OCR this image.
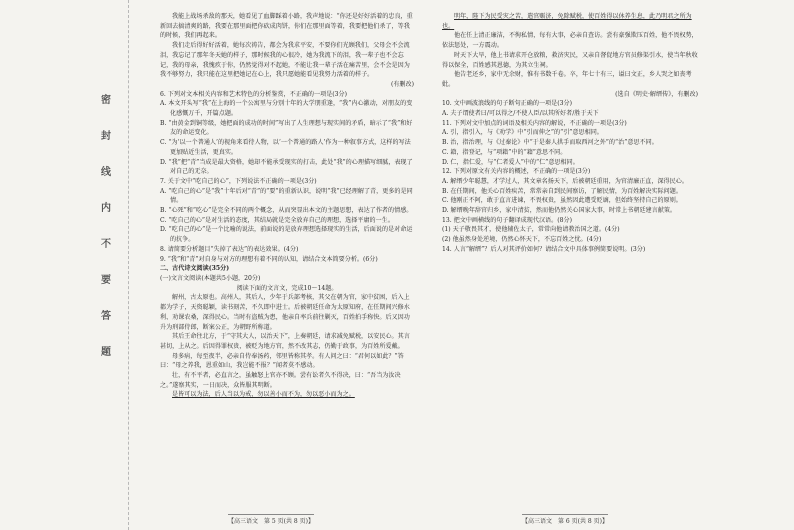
密
封
线
内
不
要
答
题

我能上战场杀敌的那天，她看见了血脚踩着小路，我声地说：“你还是好好活着的忠良，重新回去搞清爽的路，我要在那里面把你砍成肉饼，你们在那里面等着，我要把他们杀了，等我的时候，我们再起来。

我们走后得好好活着，她每次祷告，都会为我求平安，不要你们光顾我们，父母会不会流泪，我忘记了那年冬天她的样子，那时候我的心很冷，她为我流下的泪，我一辈子也不会忘记，我的母亲，我愧疚于你，仍然觉得对不起她，不能让我一辈子活在痛苦里，会不会是因为我不够努力，我只能在这里把她记在心上，我只愿她能看见我努力活着的样子。

(有删改)

6. 下列对文本相关内容和艺术特色的分析鉴赏，不正确的一项是(3分)

A. 本文开头写“我”在上海的一个公寓里与分别十年的大学朋重逢，“我”内心激动，对朋友的变化感慨万千，开篇点题。

B. “由黄金到铜等级，她把面的成功的时间”写出了人生理想与现实间的矛盾，暗示了“我”和好友的命运变化。

C. “为‘以一个普通人’的视角来看待人物，以‘一个普通的路人’作为一种叙事方式，这样的写法更加贴近生活，更真实。

D. “我”把“青”当成是最大资格，她却不能承受现实的打击，此处“我”的心理描写细腻，表现了对自己的无奈。

7. 关于文中“吃自己的心”，下列说法不正确的一项是(3分)

A. “吃自己的心”是“我”十年后对“青”的“要”的重新认识，说明“我”已经理解了青，更多的是同情。

B. “心死”和“吃心”是完全不同的两个概念，从而突显出本文的主题思想，表达了作者的情感。

C. “吃自己的心”是对生活的态度，其结局就是完全放弃自己的理想，选择平庸的一生。

D. “吃自己的心”是一个比喻的说法，前面说的是放弃理想选择现实的生活，后面说的是对命运的抗争。

8. 请简要分析题目“失掉了表达”的表达效果。(4分)

9. “我”和“青”对自身与对方的理想有着不同的认知，请结合文本简要分析。(6分)

二、古代诗文阅读(35分)

(一)文言文阅读(本题共5小题，20分)

阅读下面的文言文，完成10～14题。

解州，古太原也。高州人，其后人，少年于兵部考核，其父在朝为官，家中贫困，后入上都为学子，天资聪颖，读书刻苦，不久即中进士。后被朝廷任命为太原知府，在任期间兴修水利、劝课农桑，深得民心。当时有盗贼为患，他亲自率兵前往剿灭，百姓拍手称快。后又因功升为刑部侍郎，断案公正，为朝野所称道。

其后王命往北方，于“守其大人，以治天下”，上奏朝廷，请求减免赋税，以安民心。其言甚切，上从之。后因得罪权贵，被贬为地方官，然不改其志，仍勤于政事，为百姓所爱戴。

母多病，每至夜半，必亲自侍奉汤药，邻里皆称其孝。有人问之曰：“君何以如此？”答曰：“母之养我，恩重如山，我岂能不报？”闻者莫不感动。

壮，有不平者，必直言之，虽触怒上官亦不顾。尝有讼者久不得决，曰：“吾当为汝决之。”遂察其实，一日而决，众皆服其明断。

是皆可以为法，后人当以为戒，勿以善小而不为，勿以恶小而为之。

明年，陛下为民受灾之苦，遣官赈济，免除赋税，使百姓得以休养生息，此乃明君之所为也。

他在任上清正廉洁，不徇私情，每有大事，必亲自查访。尝有豪强欺压百姓，他不畏权势，依法惩处，一方震动。

时天下大旱，他上书请求开仓放粮，救济灾民，又亲自督促地方官员修渠引水，使当年秋收得以保全，百姓感其恩德，为其立生祠。

他告老还乡，家中无余财，惟有书数千卷。卒，年七十有三，谥曰文正，乡人哭之如丧考妣。

(选自《明史·解缙传》，有删改)

10. 文中画波浪线的句子断句正确的一项是(3分)

A. 夫子谓使者曰/可以得之/不使人臣/以其所好者/胜于天下

11. 下列对文中加点的词语及相关内容的解说，不正确的一项是(3分)

A. 引，指引入，与《劝学》中“引而伸之”的“引”意思相同。

B. 治，指治理，与《过秦论》中“于是秦人拱手而取西河之外”的“治”意思不同。

C. 籍，指登记，与“项籍”中的“籍”意思不同。

D. 仁，指仁爱，与“仁者爱人”中的“仁”意思相同。

12. 下列对原文有关内容的概述，不正确的一项是(3分)

A. 解缙少年聪慧，才学过人，其文章名扬天下，后被朝廷重用，为官清廉正直，深得民心。

B. 在任期间，他关心百姓疾苦，常常亲自到民间察访，了解民情，为百姓解决实际问题。

C. 他刚正不阿，敢于直言进谏，不畏权贵，虽然因此遭受贬谪，但始终坚持自己的原则。

D. 解缙晚年辞官归乡，家中清贫，然而他仍然关心国家大事，时常上书朝廷建言献策。

13. 把文中画横线的句子翻译成现代汉语。(8分)

(1) 天子敬畏其才，使他辅佐太子，常常向他请教治国之道。(4分)

(2) 他虽然身处逆境，仍然心怀天下，不忘百姓之忧。(4分)

14. 人言“解缙”？后人对其评价如何？请结合文中具体事例简要说明。(3分)

【高三语文　第 5 页(共 8 页)】	【高三语文　第 6 页(共 8 页)】
